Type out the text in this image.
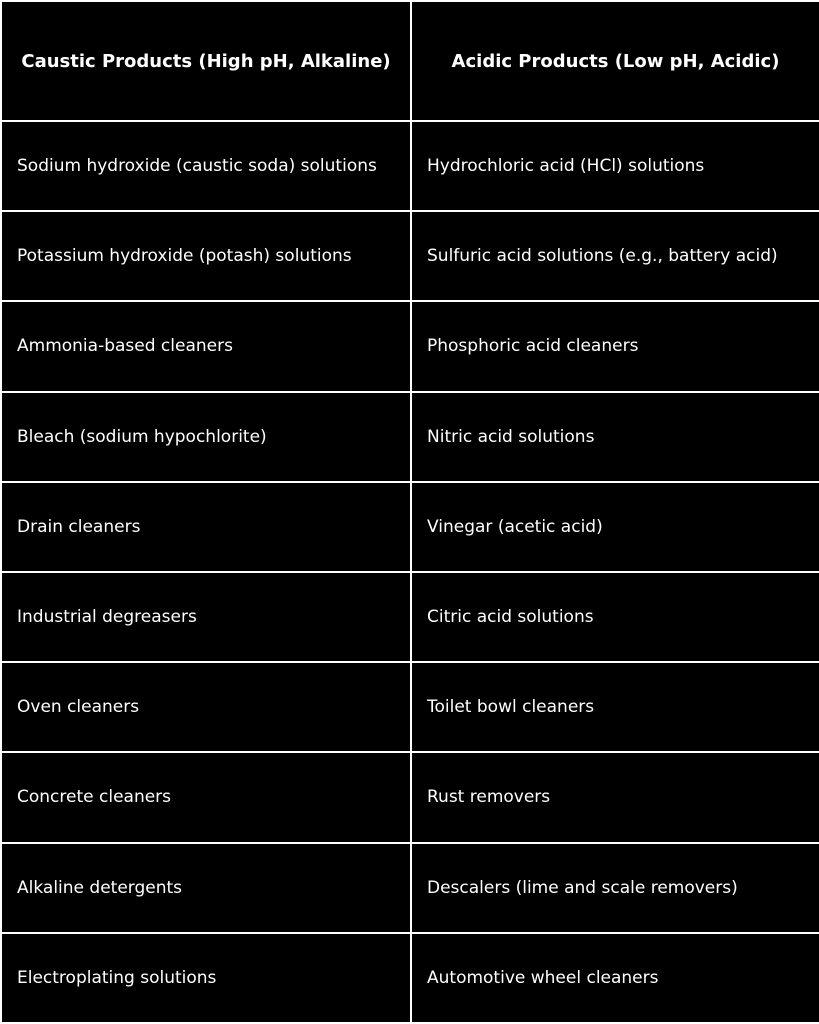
Caustic Products (High pH, Alkaline)	Acidic Products (Low pH, Acidic)
Sodium hydroxide (caustic soda) solutions	Hydrochloric acid (HCl) solutions
Potassium hydroxide (potash) solutions	Sulfuric acid solutions (e.g., battery acid)
Ammonia-based cleaners	Phosphoric acid cleaners
Bleach (sodium hypochlorite)	Nitric acid solutions
Drain cleaners	Vinegar (acetic acid)
Industrial degreasers	Citric acid solutions
Oven cleaners	Toilet bowl cleaners
Concrete cleaners	Rust removers
Alkaline detergents	Descalers (lime and scale removers)
Electroplating solutions	Automotive wheel cleaners
